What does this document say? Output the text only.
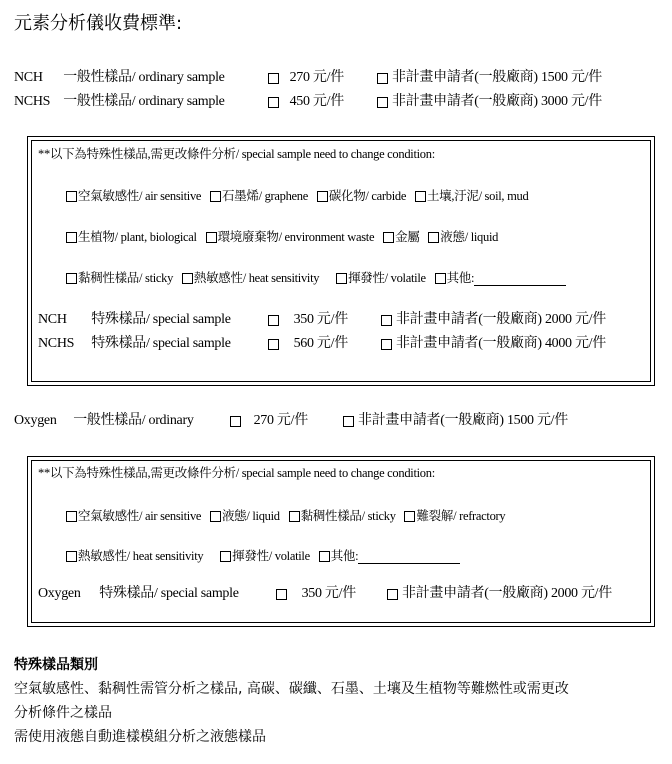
元素分析儀收費標準:
NCH 一般性樣品/ ordinary sample	270 元/件	非計畫申請者(一般廠商) 1500 元/件
NCHS 一般性樣品/ ordinary sample	450 元/件	非計畫申請者(一般廠商) 3000 元/件
**以下為特殊性樣品,需更改條件分析/ special sample need to change condition:
空氣敏感性/ air sensitive 石墨烯/ graphene 碳化物/ carbide 土壤,汙泥/ soil, mud
生植物/ plant, biological 環境廢棄物/ environment waste 金屬 液態/ liquid
黏稠性樣品/ sticky 熱敏感性/ heat sensitivity 揮發性/ volatile 其他:
NCH 特殊樣品/ special sample	350 元/件	非計畫申請者(一般廠商) 2000 元/件
NCHS 特殊樣品/ special sample	560 元/件	非計畫申請者(一般廠商) 4000 元/件
Oxygen 一般性樣品/ ordinary	270 元/件	非計畫申請者(一般廠商) 1500 元/件
**以下為特殊性樣品,需更改條件分析/ special sample need to change condition:
空氣敏感性/ air sensitive 液態/ liquid 黏稠性樣品/ sticky 難裂解/ refractory
熱敏感性/ heat sensitivity 揮發性/ volatile 其他:
Oxygen 特殊樣品/ special sample	350 元/件	非計畫申請者(一般廠商) 2000 元/件
特殊樣品類別
空氣敏感性、黏稠性需管分析之樣品, 高碳、碳纖、石墨、土壤及生植物等難燃性或需更改
分析條件之樣品
需使用液態自動進樣模組分析之液態樣品
